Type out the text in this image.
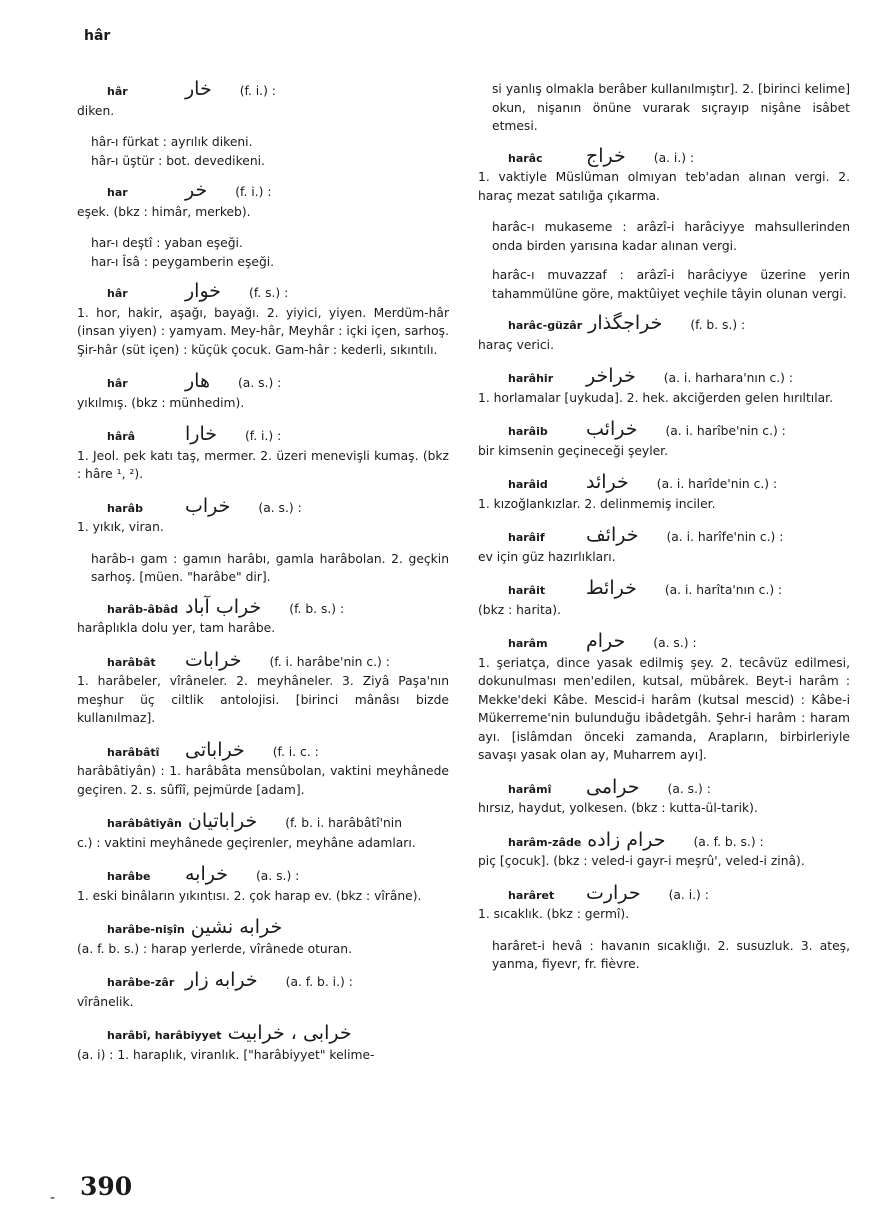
hâr
hâr	خار (f. i.) :
diken.
hâr-ı fürkat : ayrılık dikeni.
hâr-ı üştür : bot. devedikeni.
har	خر (f. i.) :
eşek. (bkz : himâr, merkeb).
har-ı deştî : yaban eşeği.
har-ı Îsâ : peygamberin eşeği.
hâr	خوار (f. s.) :
1. hor, hakir, aşağı, bayağı. 2. yiyici, yiyen. Merdüm-hâr (insan yiyen) : yamyam. Mey-hâr, Meyhâr : içki içen, sarhoş. Şir-hâr (süt içen) : küçük çocuk. Gam-hâr : kederli, sıkıntılı.
hâr	هار (a. s.) :
yıkılmış. (bkz : münhedim).
hârâ	خارا (f. i.) :
1. Jeol. pek katı taş, mermer. 2. üzeri menevişli kumaş. (bkz : hâre ¹, ²).
harâb	خراب (a. s.) :
1. yıkık, viran.
harâb-ı gam : gamın harâbı, gamla harâbolan. 2. geçkin sarhoş. [müen. "harâbe" dir].
harâb-âbâd خراب آباد (f. b. s.) :
harâplıkla dolu yer, tam harâbe.
harâbât	خرابات (f. i. harâbe'nin c.) :
1. harâbeler, vîrâneler. 2. meyhâneler. 3. Ziyâ Paşa'nın meşhur üç ciltlik antolojisi. [birinci mânâsı bizde kullanılmaz].
harâbâtî	خراباتی (f. i. c. :
harâbâtiyân) : 1. harâbâta mensûbolan, vaktini meyhânede geçiren. 2. s. sûfîî, pejmürde [adam].
harâbâtiyân خراباتیان (f. b. i. harâbâtî'nin
c.) : vaktini meyhânede geçirenler, meyhâne adamları.
harâbe	خرابه (a. s.) :
1. eski binâların yıkıntısı. 2. çok harap ev. (bkz : vîrâne).
harâbe-nişîn خرابه نشین
(a. f. b. s.) : harap yerlerde, vîrânede oturan.
harâbe-zâr خرابه زار (a. f. b. i.) :
vîrânelik.
harâbî, harâbiyyet خرابی ، خرابیت
(a. i) : 1. haraplık, viranlık. ["harâbiyyet" kelime-
si yanlış olmakla berâber kullanılmıştır]. 2. [birinci kelime] okun, nişanın önüne vurarak sıçrayıp nişâne isâbet etmesi.
harâc	خراج (a. i.) :
1. vaktiyle Müslüman olmıyan teb'adan alınan vergi. 2. haraç mezat satılığa çıkarma.
harâc-ı mukaseme : arâzî-i harâciyye mahsullerinden onda birden yarısına kadar alınan vergi.
harâc-ı muvazzaf : arâzî-i harâciyye üzerine yerin tahammülüne göre, maktûiyet veçhile tâyin olunan vergi.
harâc-güzâr خراجگذار (f. b. s.) :
haraç verici.
harâhir	خراخر (a. i. harhara'nın c.) :
1. horlamalar [uykuda]. 2. hek. akciğerden gelen hırıltılar.
harâib	خرائب (a. i. harîbe'nin c.) :
bir kimsenin geçineceği şeyler.
harâid	خرائد (a. i. harîde'nin c.) :
1. kızoğlankızlar. 2. delinmemiş inciler.
harâif	خرائف (a. i. harîfe'nin c.) :
ev için güz hazırlıkları.
harâit	خرائط (a. i. harîta'nın c.) :
(bkz : harita).
harâm	حرام (a. s.) :
1. şeriatça, dince yasak edilmiş şey. 2. tecâvüz edilmesi, dokunulması men'edilen, kutsal, mübârek. Beyt-i harâm : Mekke'deki Kâbe. Mescid-i harâm (kutsal mescid) : Kâbe-i Mükerreme'nin bulunduğu ibâdetgâh. Şehr-i harâm : haram ayı. [islâmdan önceki zamanda, Arapların, birbirleriyle savaşı yasak olan ay, Muharrem ayı].
harâmî	حرامی (a. s.) :
hırsız, haydut, yolkesen. (bkz : kutta-ül-tarik).
harâm-zâde حرام زاده (a. f. b. s.) :
piç [çocuk]. (bkz : veled-i gayr-i meşrû', veled-i zinâ).
harâret	حرارت (a. i.) :
1. sıcaklık. (bkz : germî).
harâret-i hevâ : havanın sıcaklığı. 2. susuzluk. 3. ateş, yanma, fiyevr, fr. fièvre.
- 390
